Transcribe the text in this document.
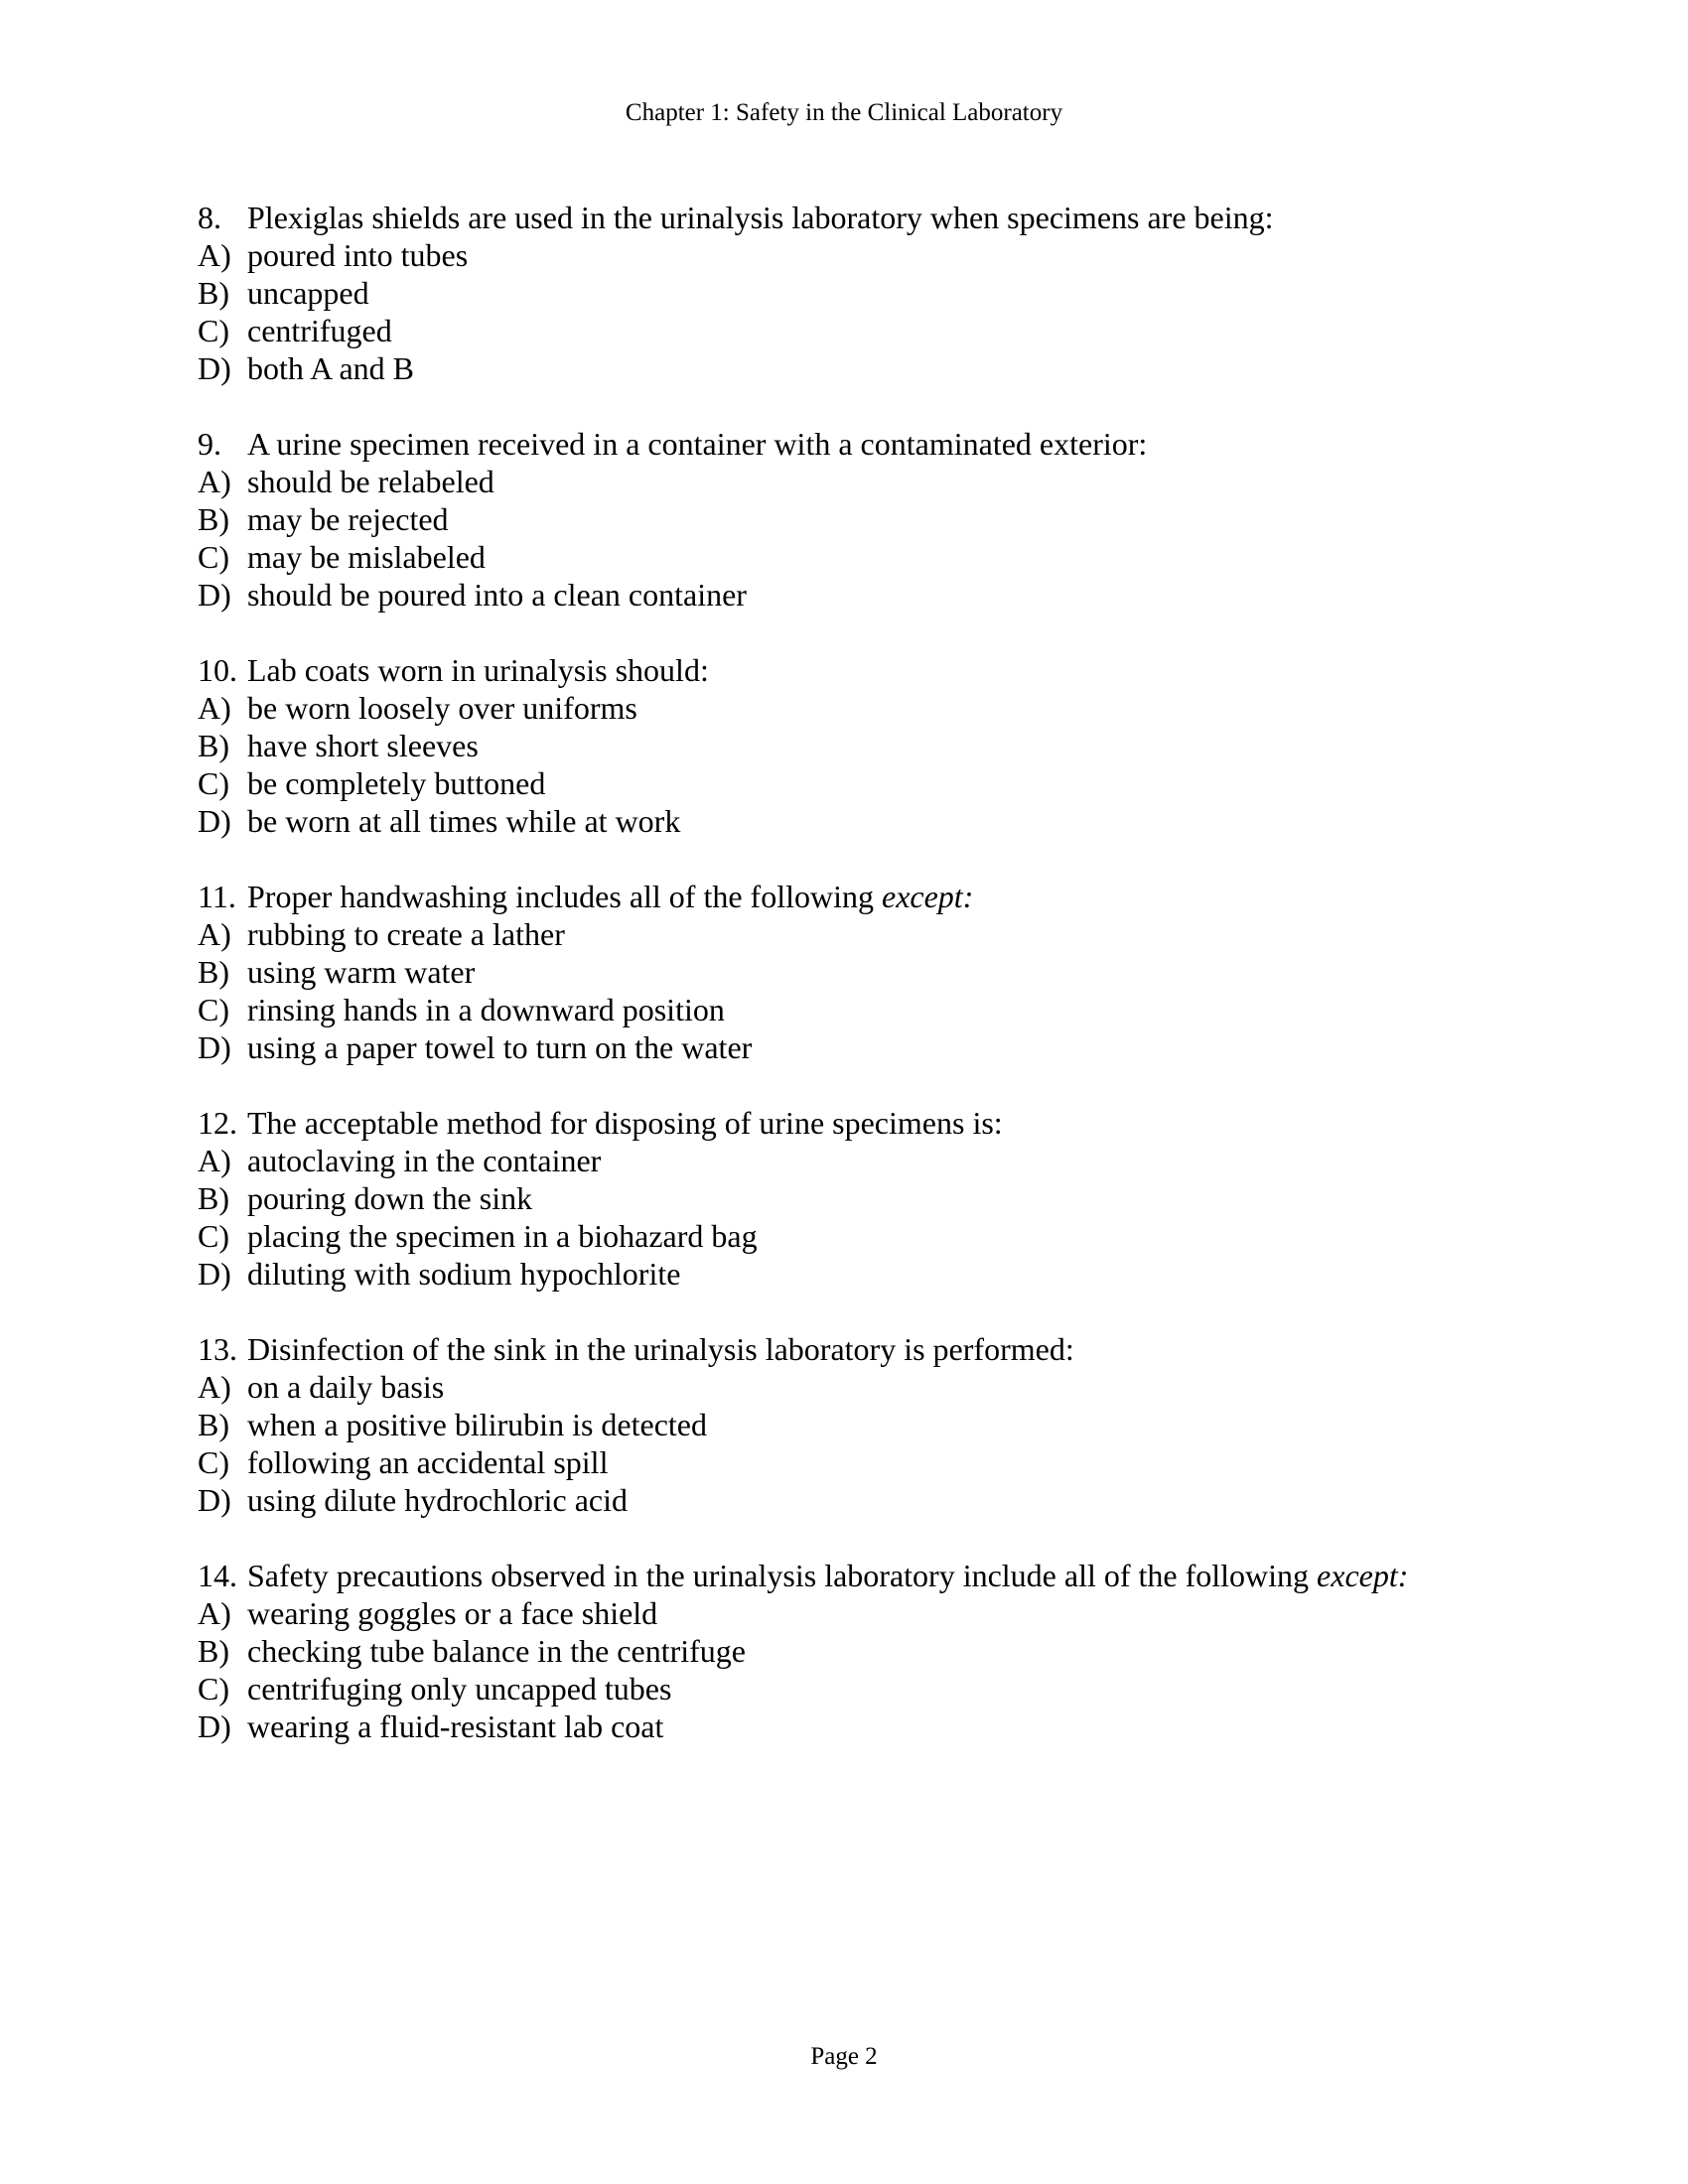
Chapter 1: Safety in the Clinical Laboratory
8. Plexiglas shields are used in the urinalysis laboratory when specimens are being:
A) poured into tubes
B) uncapped
C) centrifuged
D) both A and B
9. A urine specimen received in a container with a contaminated exterior:
A) should be relabeled
B) may be rejected
C) may be mislabeled
D) should be poured into a clean container
10. Lab coats worn in urinalysis should:
A) be worn loosely over uniforms
B) have short sleeves
C) be completely buttoned
D) be worn at all times while at work
11. Proper handwashing includes all of the following except:
A) rubbing to create a lather
B) using warm water
C) rinsing hands in a downward position
D) using a paper towel to turn on the water
12. The acceptable method for disposing of urine specimens is:
A) autoclaving in the container
B) pouring down the sink
C) placing the specimen in a biohazard bag
D) diluting with sodium hypochlorite
13. Disinfection of the sink in the urinalysis laboratory is performed:
A) on a daily basis
B) when a positive bilirubin is detected
C) following an accidental spill
D) using dilute hydrochloric acid
14. Safety precautions observed in the urinalysis laboratory include all of the following except:
A) wearing goggles or a face shield
B) checking tube balance in the centrifuge
C) centrifuging only uncapped tubes
D) wearing a fluid-resistant lab coat
Page 2
